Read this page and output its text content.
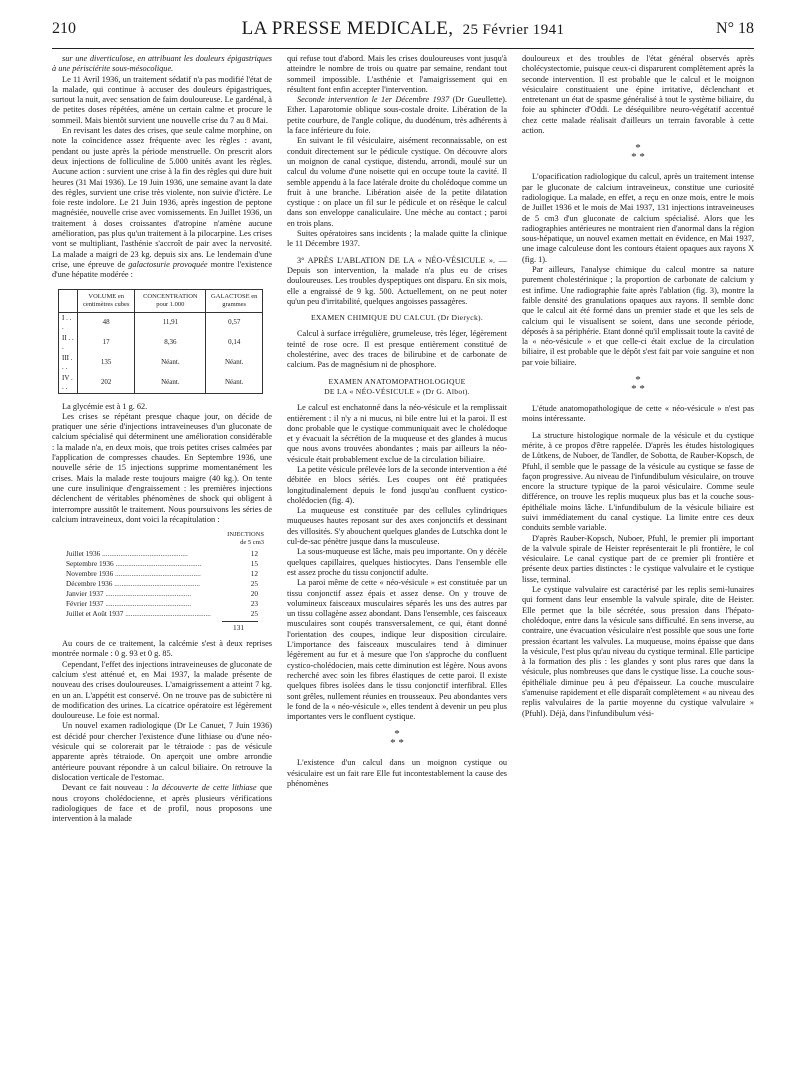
210	LA PRESSE MEDICALE, 25 Février 1941	N° 18

sur une diverticulose, en attribuant les douleurs épigastriques à une périsciérite sous-mésocolique.

Le 11 Avril 1936, un traitement sédatif n'a pas modifié l'état de la malade, qui continue à accuser des douleurs épigastriques, surtout la nuit, avec sensation de faim douloureuse. Le gardénal, à de petites doses répétées, amène un certain calme et procure le sommeil. Mais bientôt survient une nouvelle crise du 7 au 8 Mai.

En revisant les dates des crises, que seule calme morphine, on note la coïncidence assez fréquente avec les règles : avant, pendant ou juste après la période menstruelle. On prescrit alors deux injections de folliculine de 5.000 unités avant les règles. Aucune action : survient une crise à la fin des règles qui dure huit heures (31 Mai 1936). Le 19 Juin 1936, une semaine avant la date des règles, survient une crise très violente, non suivie d'ictère. Le foie reste indolore. Le 21 Juin 1936, après ingestion de peptone magnésiée, nouvelle crise avec vomissements. En Juillet 1936, un traitement à doses croissantes d'atropine n'amène aucune amélioration, pas plus qu'un traitement à la pilocarpine. Les crises vont se multipliant, l'asthénie s'accroît de pair avec la nervosité. La malade a maigri de 23 kg. depuis six ans. Le lendemain d'une crise, une épreuve de galactosurie provoquée montre l'existence d'une hépatite modérée :

	VOLUME en centimètres cubes	CONCENTRATION pour 1.000	GALACTOSE en grammes
I . . .	48	11,91	0,57
II . . .	17	8,36	0,14
III . . .	135	Néant.	Néant.
IV . . .	202	Néant.	Néant.

La glycémie est à 1 g. 62.

Les crises se répétant presque chaque jour, on décide de pratiquer une série d'injections intraveineuses d'un gluconate de calcium spécialisé qui déterminent une amélioration considérable : la malade n'a, en deux mois, que trois petites crises calmées par l'application de compresses chaudes. En Septembre 1936, une nouvelle série de 15 injections supprime momentanément les crises. Mais la malade reste toujours maigre (40 kg.). On tente une cure insulinique d'engraissement : les premières injections déclenchent de véritables phénomènes de shock qui obligent à interrompre aussitôt le traitement. Nous poursuivons les séries de calcium intraveineux, dont voici la récapitulation :

INJECTIONS
de 5 cm3
Juillet 1936 .....	12
Septembre 1936 .....	15
Novembre 1936 .....	12
Décembre 1936 .....	25
Janvier 1937 .....	20
Février 1937 .....	23
Juillet et Août 1937 .....	25
131

Au cours de ce traitement, la calcémie s'est à deux reprises montrée normale : 0 g. 93 et 0 g. 85.

Cependant, l'effet des injections intraveineuses de gluconate de calcium s'est atténué et, en Mai 1937, la malade présente de nouveau des crises douloureuses. L'amaigrissement a atteint 7 kg. en un an. L'appétit est conservé. On ne trouve pas de subictère ni de modification des urines. La cicatrice opératoire est légèrement douloureuse. Le foie est normal.

Un nouvel examen radiologique (Dr Le Canuet, 7 Juin 1936) est décidé pour chercher l'existence d'une lithiase ou d'une néo-vésicule qui se colorerait par le tétraiode : pas de vésicule apparente après tétraiode. On aperçoit une ombre arrondie antérieure pouvant répondre à un calcul biliaire. On retrouve la dislocation verticale de l'estomac.

Devant ce fait nouveau : la découverte de cette lithiase que nous croyons cholédocienne, et après plusieurs vérifications radiologiques de face et de profil, nous proposons une intervention à la malade

qui refuse tout d'abord. Mais les crises douloureuses vont jusqu'à atteindre le nombre de trois ou quatre par semaine, rendant tout sommeil impossible. L'asthénie et l'amaigrissement qui en résultent font enfin accepter l'intervention.

Seconde intervention le 1er Décembre 1937 (Dr Gueullette). Ether. Laparotomie oblique sous-costale droite. Libération de la petite courbure, de l'angle colique, du duodénum, très adhérents à la face inférieure du foie.

En suivant le fil vésiculaire, aisément reconnaissable, on est conduit directement sur le pédicule cystique. On découvre alors un moignon de canal cystique, distendu, arrondi, moulé sur un calcul du volume d'une noisette qui en occupe toute la cavité. Il semble appendu à la face latérale droite du cholédoque comme un fruit à une branche. Libération aisée de la petite dilatation cystique : on place un fil sur le pédicule et on résèque le calcul dans son enveloppe canaliculaire. Une mèche au contact ; paroi en trois plans.

Suites opératoires sans incidents ; la malade quitte la clinique le 11 Décembre 1937.

3° APRÈS L'ABLATION DE LA « NÉO-VÉSICULE ». — Depuis son intervention, la malade n'a plus eu de crises douloureuses. Les troubles dyspeptiques ont disparu. En six mois, elle a engraissé de 9 kg. 500. Actuellement, on ne peut noter qu'un peu d'irritabilité, quelques angoisses passagères.

EXAMEN CHIMIQUE DU CALCUL (Dr Dieryck).

Calcul à surface irrégulière, grumeleuse, très léger, légèrement teinté de rose ocre. Il est presque entièrement constitué de cholestérine, avec des traces de bilirubine et de carbonate de calcium. Pas de magnésium ni de phosphore.

EXAMEN ANATOMOPATHOLOGIQUE
DE LA « NÉO-VÉSICULE » (Dr G. Albot).

Le calcul est enchatonné dans la néo-vésicule et la remplissait entièrement : il n'y a ni mucus, ni bile entre lui et la paroi. Il est donc probable que le cystique communiquait avec le cholédoque et y évacuait la sécrétion de la muqueuse et des glandes à mucus que nous avons trouvées abondantes ; mais par ailleurs la néo-vésicule était probablement exclue de la circulation biliaire.

La petite vésicule prélevée lors de la seconde intervention a été débitée en blocs sériés. Les coupes ont été pratiquées longitudinalement depuis le fond jusqu'au confluent cystico-cholédocien (fig. 4).

La muqueuse est constituée par des cellules cylindriques muqueuses hautes reposant sur des axes conjonctifs et dessinant des villosités. S'y abouchent quelques glandes de Lutschka dont le cul-de-sac pénètre jusque dans la musculeuse.

La sous-muqueuse est lâche, mais peu importante. On y décèle quelques capillaires, quelques histiocytes. Dans l'ensemble elle est assez proche du tissu conjonctif adulte.

La paroi même de cette « néo-vésicule » est constituée par un tissu conjonctif assez épais et assez dense. On y trouve de volumineux faisceaux musculaires séparés les uns des autres par un tissu collagène assez abondant. Dans l'ensemble, ces faisceaux musculaires sont coupés transversalement, ce qui, étant donné l'orientation des coupes, indique leur disposition circulaire. L'importance des faisceaux musculaires tend à diminuer légèrement au fur et à mesure que l'on s'approche du confluent cystico-cholédocien, mais cette diminution est légère. Nous avons recherché avec soin les fibres élastiques de cette paroi. Il existe quelques fibres isolées dans le tissu conjonctif interfibral. Elles sont grêles, nullement réunies en trousseaux. Peu abondantes vers le fond de la « néo-vésicule », elles tendent à devenir un peu plus importantes vers le confluent cystique.

*
* *

L'existence d'un calcul dans un moignon cystique ou vésiculaire est un fait rare Elle fut incontestablement la cause des phénomènes

douloureux et des troubles de l'état général observés après cholécystectomie, puisque ceux-ci disparurent complètement après la seconde intervention. Il est probable que le calcul et le moignon vésiculaire constituaient une épine irritative, déclenchant et entretenant un état de spasme généralisé à tout le système biliaire, du foie au sphincter d'Oddi. Le déséquilibre neuro-végétatif accentué chez cette malade réalisait d'ailleurs un terrain favorable à cette action.

*
* *

L'opacification radiologique du calcul, après un traitement intense par le gluconate de calcium intraveineux, constitue une curiosité radiologique. La malade, en effet, a reçu en onze mois, entre le mois de Juillet 1936 et le mois de Mai 1937, 131 injections intraveineuses de 5 cm3 d'un gluconate de calcium spécialisé. Alors que les radiographies antérieures ne montraient rien d'anormal dans la région sous-hépatique, un nouvel examen mettait en évidence, en Mai 1937, une image calculeuse dont les contours étaient opaques aux rayons X (fig. 1).

Par ailleurs, l'analyse chimique du calcul montre sa nature purement cholestérinique ; la proportion de carbonate de calcium y est infime. Une radiographie faite après l'ablation (fig. 3), montre la faible densité des granulations opaques aux rayons. Il semble donc que le calcul ait été formé dans un premier stade et que les sels de calcium qui le visualisent se soient, dans une seconde période, déposés à sa périphérie. Etant donné qu'il emplissait toute la cavité de la « néo-vésicule » et que celle-ci était exclue de la circulation biliaire, il est probable que le dépôt s'est fait par voie sanguine et non par voie biliaire.

*
* *

L'étude anatomopathologique de cette « néo-vésicule » n'est pas moins intéressante.

La structure histologique normale de la vésicule et du cystique mérite, à ce propos d'être rappelée. D'après les études histologiques de Lütkens, de Nuboer, de Tandler, de Sobotta, de Rauber-Kopsch, de Pfuhl, il semble que le passage de la vésicule au cystique se fasse de façon progressive. Au niveau de l'infundibulum vésiculaire, on trouve encore la structure typique de la paroi vésiculaire. Comme seule différence, on trouve les replis muqueux plus bas et la couche sous-épithéliale moins lâche. L'infundibulum de la vésicule biliaire est suivi immédiatement du canal cystique. La limite entre ces deux conduits semble variable.

D'après Rauber-Kopsch, Nuboer, Pfuhl, le premier pli important de la valvule spirale de Heister représenterait le pli frontière, le col vésiculaire. Le canal cystique part de ce premier pli frontière et présente deux parties distinctes : le cystique valvulaire et le cystique lisse, terminal.

Le cystique valvulaire est caractérisé par les replis semi-lunaires qui forment dans leur ensemble la valvule spirale, dite de Heister. Elle permet que la bile sécrétée, sous pression dans l'hépato-cholédoque, entre dans la vésicule sans difficulté. En sens inverse, au contraire, une évacuation vésiculaire n'est possible que sous une forte pression écartant les valvules. La muqueuse, moins épaisse que dans la vésicule, l'est plus qu'au niveau du cystique terminal. Elle participe à la formation des plis : les glandes y sont plus rares que dans la vésicule, plus nombreuses que dans le cystique lisse. La couche sous-épithéliale diminue peu à peu d'épaisseur. La couche musculaire s'amenuise rapidement et elle disparaît complètement « au niveau des replis valvulaires de la partie moyenne du cystique valvulaire » (Pfuhl). Déjà, dans l'infundibulum vési-
